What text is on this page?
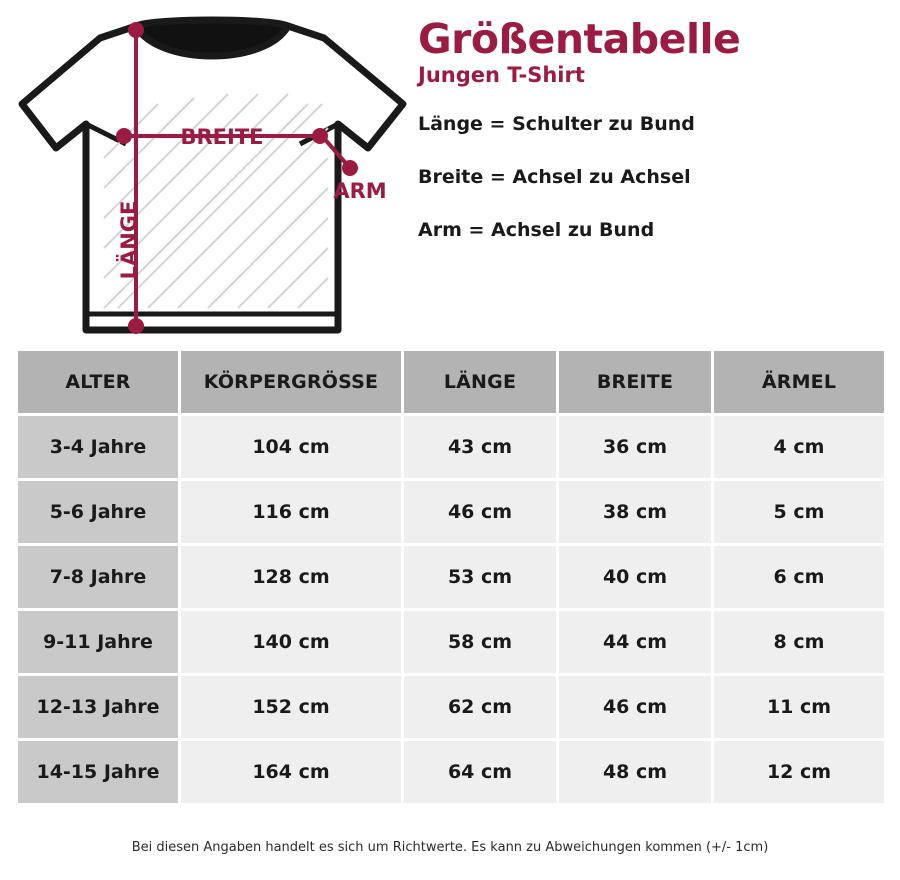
BREITE
LÄNGE
ARM
Größentabelle
Jungen T-Shirt

Länge = Schulter zu Bund

Breite = Achsel zu Achsel

Arm = Achsel zu Bund

ALTER	KÖRPERGRÖSSE	LÄNGE	BREITE	ÄRMEL
3-4 Jahre	104 cm	43 cm	36 cm	4 cm
5-6 Jahre	116 cm	46 cm	38 cm	5 cm
7-8 Jahre	128 cm	53 cm	40 cm	6 cm
9-11 Jahre	140 cm	58 cm	44 cm	8 cm
12-13 Jahre	152 cm	62 cm	46 cm	11 cm
14-15 Jahre	164 cm	64 cm	48 cm	12 cm
Bei diesen Angaben handelt es sich um Richtwerte. Es kann zu Abweichungen kommen (+/- 1cm)
